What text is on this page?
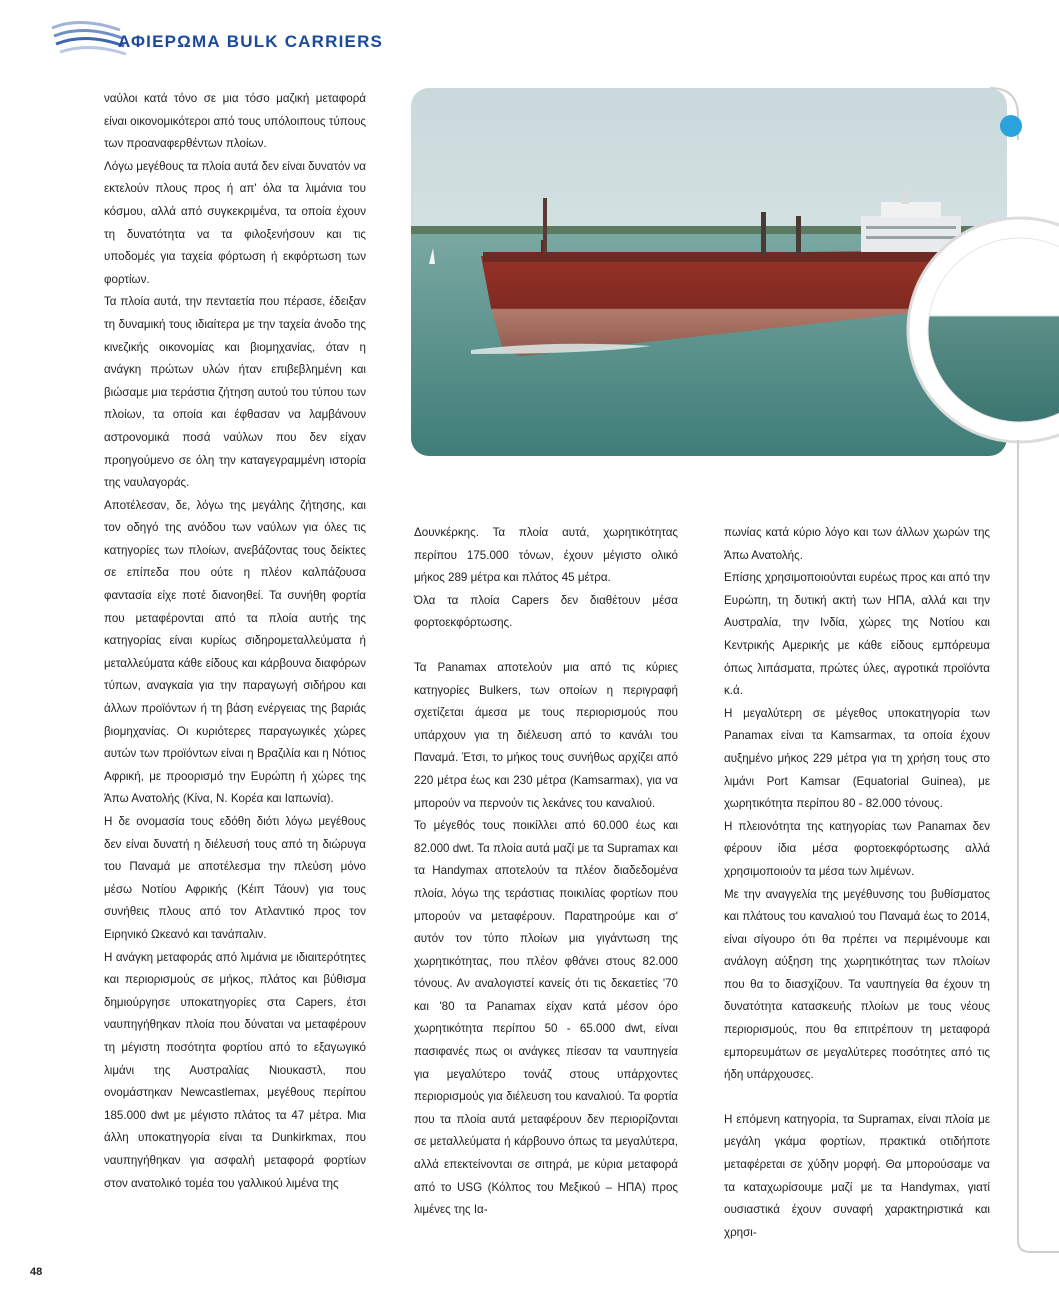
ΑΦΙΕΡΩΜΑ BULK CARRIERS

ναύλοι κατά τόνο σε μια τόσο μαζική μεταφορά είναι οικονομικότεροι από τους υπόλοιπους τύπους των προαναφερθέντων πλοίων.

Λόγω μεγέθους τα πλοία αυτά δεν είναι δυνατόν να εκτελούν πλους προς ή απ' όλα τα λιμάνια του κόσμου, αλλά από συγκεκριμένα, τα οποία έχουν τη δυνατότητα να τα φιλοξενήσουν και τις υποδομές για ταχεία φόρτωση ή εκφόρτωση των φορτίων.

Τα πλοία αυτά, την πενταετία που πέρασε, έδειξαν τη δυναμική τους ιδιαίτερα με την ταχεία άνοδο της κινεζικής οικονομίας και βιομηχανίας, όταν η ανάγκη πρώτων υλών ήταν επιβεβλημένη και βιώσαμε μια τεράστια ζήτηση αυτού του τύπου των πλοίων, τα οποία και έφθασαν να λαμβάνουν αστρονομικά ποσά ναύλων που δεν είχαν προηγούμενο σε όλη την καταγεγραμμένη ιστορία της ναυλαγοράς.

Αποτέλεσαν, δε, λόγω της μεγάλης ζήτησης, και τον οδηγό της ανόδου των ναύλων για όλες τις κατηγορίες των πλοίων, ανεβάζοντας τους δείκτες σε επίπεδα που ούτε η πλέον καλπάζουσα φαντασία είχε ποτέ διανοηθεί. Τα συνήθη φορτία που μεταφέρονται από τα πλοία αυτής της κατηγορίας είναι κυρίως σιδηρομεταλλεύματα ή μεταλλεύματα κάθε είδους και κάρβουνα διαφόρων τύπων, αναγκαία για την παραγωγή σιδήρου και άλλων προϊόντων ή τη βάση ενέργειας της βαριάς βιομηχανίας. Οι κυριότερες παραγωγικές χώρες αυτών των προϊόντων είναι η Βραζιλία και η Νότιος Αφρική, με προορισμό την Ευρώπη ή χώρες της Άπω Ανατολής (Κίνα, Ν. Κορέα και Ιαπωνία).

Η δε ονομασία τους εδόθη διότι λόγω μεγέθους δεν είναι δυνατή η διέλευσή τους από τη διώρυγα του Παναμά με αποτέλεσμα την πλεύση μόνο μέσω Νοτίου Αφρικής (Κέιπ Τάουν) για τους συνήθεις πλους από τον Ατλαντικό προς τον Ειρηνικό Ωκεανό και τανάπαλιν.

Η ανάγκη μεταφοράς από λιμάνια με ιδιαιτερότητες και περιορισμούς σε μήκος, πλάτος και βύθισμα δημιούργησε υποκατηγορίες στα Capers, έτσι ναυπηγήθηκαν πλοία που δύναται να μεταφέρουν τη μέγιστη ποσότητα φορτίου από το εξαγωγικό λιμάνι της Αυστραλίας Νιουκαστλ, που ονομάστηκαν Newcastlemax, μεγέθους περίπου 185.000 dwt με μέγιστο πλάτος τα 47 μέτρα. Μια άλλη υποκατηγορία είναι τα Dunkirkmax, που ναυπηγήθηκαν για ασφαλή μεταφορά φορτίων στον ανατολικό τομέα του γαλλικού λιμένα της

Δουνκέρκης. Τα πλοία αυτά, χωρητικότητας περίπου 175.000 τόνων, έχουν μέγιστο ολικό μήκος 289 μέτρα και πλάτος 45 μέτρα.

Όλα τα πλοία Capers δεν διαθέτουν μέσα φορτοεκφόρτωσης.

Τα Panamax αποτελούν μια από τις κύριες κατηγορίες Bulkers, των οποίων η περιγραφή σχετίζεται άμεσα με τους περιορισμούς που υπάρχουν για τη διέλευση από το κανάλι του Παναμά. Έτσι, το μήκος τους συνήθως αρχίζει από 220 μέτρα έως και 230 μέτρα (Kamsarmax), για να μπορούν να περνούν τις λεκάνες του καναλιού.

Το μέγεθός τους ποικίλλει από 60.000 έως και 82.000 dwt. Τα πλοία αυτά μαζί με τα Supramax και τα Handymax αποτελούν τα πλέον διαδεδομένα πλοία, λόγω της τεράστιας ποικιλίας φορτίων που μπορούν να μεταφέρουν. Παρατηρούμε και σ' αυτόν τον τύπο πλοίων μια γιγάντωση της χωρητικότητας, που πλέον φθάνει στους 82.000 τόνους. Αν αναλογιστεί κανείς ότι τις δεκαετίες '70 και '80 τα Panamax είχαν κατά μέσον όρο χωρητικότητα περίπου 50 - 65.000 dwt, είναι πασιφανές πως οι ανάγκες πίεσαν τα ναυπηγεία για μεγαλύτερο τονάζ στους υπάρχοντες περιορισμούς για διέλευση του καναλιού. Τα φορτία που τα πλοία αυτά μεταφέρουν δεν περιορίζονται σε μεταλλεύματα ή κάρβουνο όπως τα μεγαλύτερα, αλλά επεκτείνονται σε σιτηρά, με κύρια μεταφορά από το USG (Κόλπος του Μεξικού – ΗΠΑ) προς λιμένες της Ια-

πωνίας κατά κύριο λόγο και των άλλων χωρών της Άπω Ανατολής.

Επίσης χρησιμοποιούνται ευρέως προς και από την Ευρώπη, τη δυτική ακτή των ΗΠΑ, αλλά και την Αυστραλία, την Ινδία, χώρες της Νοτίου και Κεντρικής Αμερικής με κάθε είδους εμπόρευμα όπως λιπάσματα, πρώτες ύλες, αγροτικά προϊόντα κ.ά.

Η μεγαλύτερη σε μέγεθος υποκατηγορία των Panamax είναι τα Kamsarmax, τα οποία έχουν αυξημένο μήκος 229 μέτρα για τη χρήση τους στο λιμάνι Port Kamsar (Equatorial Guinea), με χωρητικότητα περίπου 80 - 82.000 τόνους.

Η πλειονότητα της κατηγορίας των Panamax δεν φέρουν ίδια μέσα φορτοεκφόρτωσης αλλά χρησιμοποιούν τα μέσα των λιμένων.

Με την αναγγελία της μεγέθυνσης του βυθίσματος και πλάτους του καναλιού του Παναμά έως το 2014, είναι σίγουρο ότι θα πρέπει να περιμένουμε και ανάλογη αύξηση της χωρητικότητας των πλοίων που θα το διασχίζουν. Τα ναυπηγεία θα έχουν τη δυνατότητα κατασκευής πλοίων με τους νέους περιορισμούς, που θα επιτρέπουν τη μεταφορά εμπορευμάτων σε μεγαλύτερες ποσότητες από τις ήδη υπάρχουσες.

Η επόμενη κατηγορία, τα Supramax, είναι πλοία με μεγάλη γκάμα φορτίων, πρακτικά οτιδήποτε μεταφέρεται σε χύδην μορφή. Θα μπορούσαμε να τα καταχωρίσουμε μαζί με τα Handymax, γιατί ουσιαστικά έχουν συναφή χαρακτηριστικά και χρησι-

48
